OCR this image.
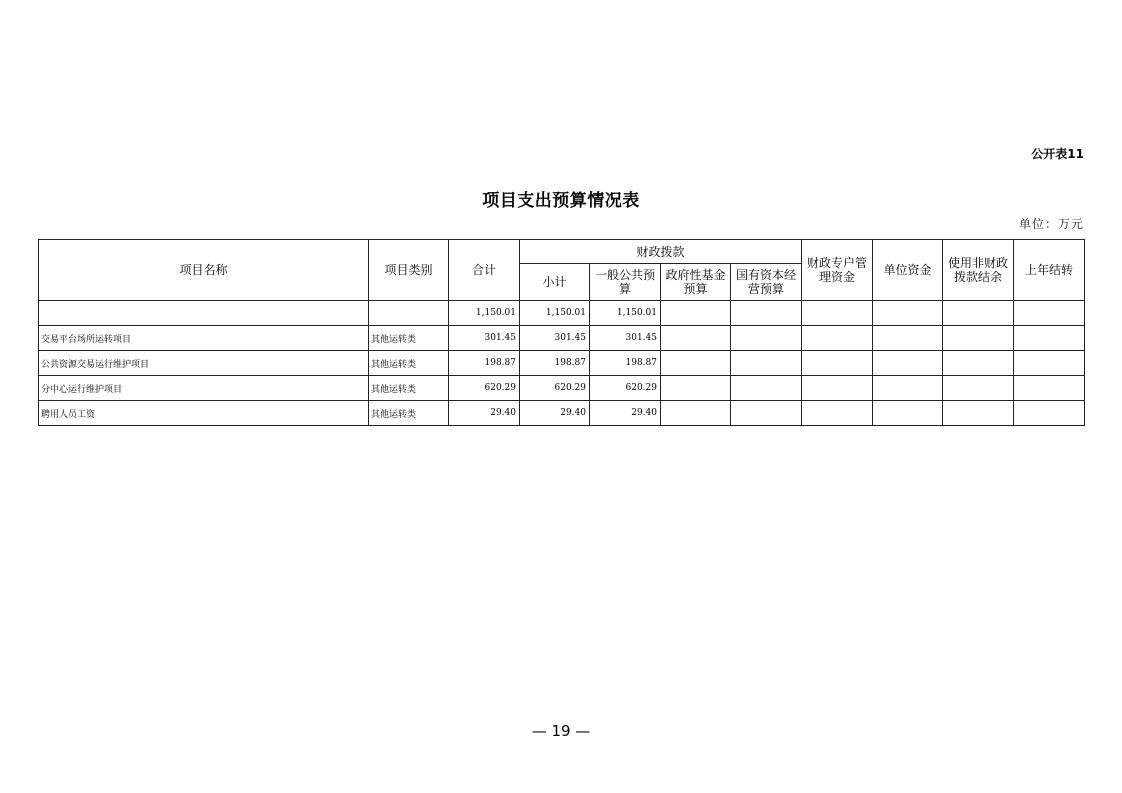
公开表11
项目支出预算情况表
单位：万元
项目名称	项目类别	合计	财政拨款				财政专户管理资金	单位资金	使用非财政拨款结余	上年结转
			小计	一般公共预算	政府性基金预算	国有资本经营预算				
		1,150.01	1,150.01	1,150.01						
交易平台场所运转项目	其他运转类	301.45	301.45	301.45						
公共资源交易运行维护项目	其他运转类	198.87	198.87	198.87						
分中心运行维护项目	其他运转类	620.29	620.29	620.29						
聘用人员工资	其他运转类	29.40	29.40	29.40						
— 19 —
